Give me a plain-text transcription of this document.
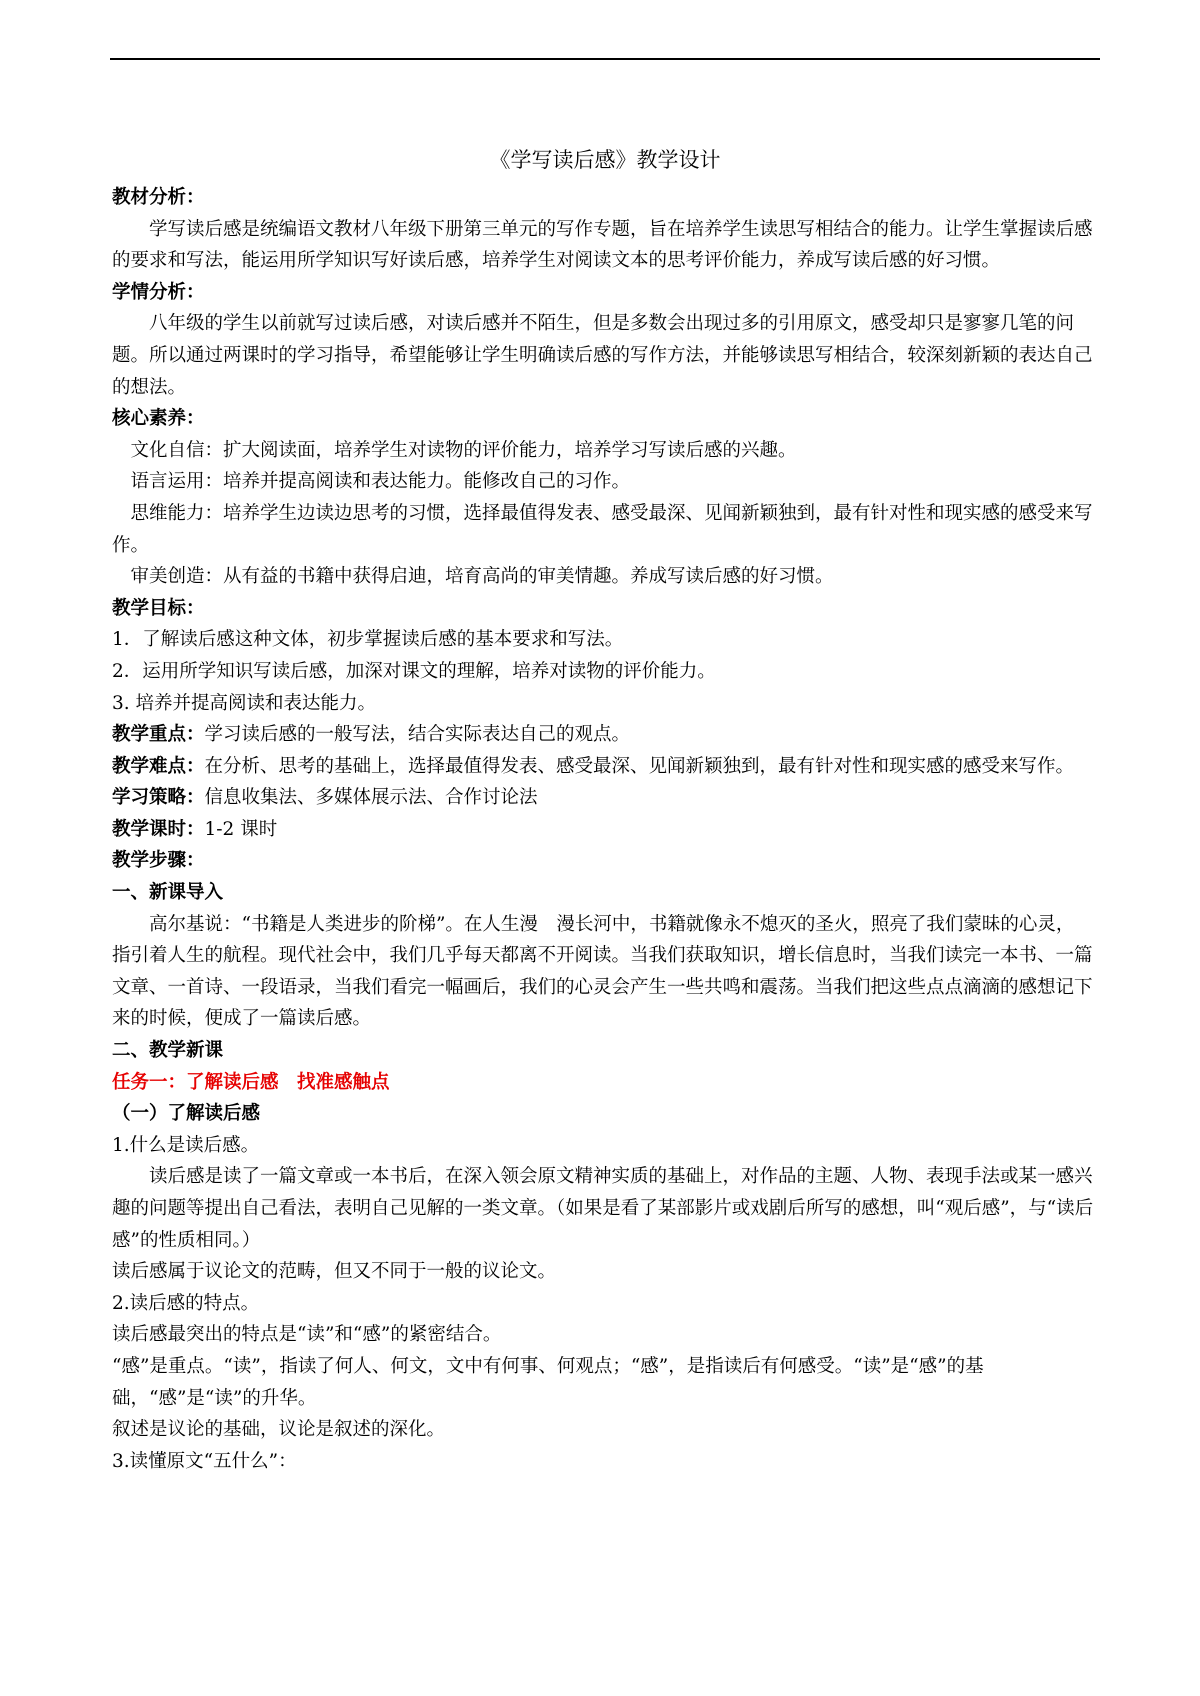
《学写读后感》教学设计

教材分析：

学写读后感是统编语文教材八年级下册第三单元的写作专题，旨在培养学生读思写相结合的能力。让学生掌握读后感的要求和写法，能运用所学知识写好读后感，培养学生对阅读文本的思考评价能力，养成写读后感的好习惯。

学情分析：

八年级的学生以前就写过读后感，对读后感并不陌生，但是多数会出现过多的引用原文，感受却只是寥寥几笔的问题。所以通过两课时的学习指导，希望能够让学生明确读后感的写作方法，并能够读思写相结合，较深刻新颖的表达自己的想法。

核心素养：

文化自信：扩大阅读面，培养学生对读物的评价能力，培养学习写读后感的兴趣。

语言运用：培养并提高阅读和表达能力。能修改自己的习作。

思维能力：培养学生边读边思考的习惯，选择最值得发表、感受最深、见闻新颖独到，最有针对性和现实感的感受来写作。

审美创造：从有益的书籍中获得启迪，培育高尚的审美情趣。养成写读后感的好习惯。

教学目标：

1．了解读后感这种文体，初步掌握读后感的基本要求和写法。

2．运用所学知识写读后感，加深对课文的理解，培养对读物的评价能力。

3. 培养并提高阅读和表达能力。

教学重点：学习读后感的一般写法，结合实际表达自己的观点。

教学难点：在分析、思考的基础上，选择最值得发表、感受最深、见闻新颖独到，最有针对性和现实感的感受来写作。

学习策略：信息收集法、多媒体展示法、合作讨论法

教学课时：1-2 课时

教学步骤：

一、新课导入

高尔基说：“书籍是人类进步的阶梯”。在人生漫　漫长河中，书籍就像永不熄灭的圣火，照亮了我们蒙昧的心灵，　 指引着人生的航程。现代社会中，我们几乎每天都离不开阅读。当我们获取知识，增长信息时，当我们读完一本书、一篇文章、一首诗、一段语录，当我们看完一幅画后，我们的心灵会产生一些共鸣和震荡。当我们把这些点点滴滴的感想记下来的时候，便成了一篇读后感。

二、教学新课

任务一：了解读后感　找准感触点

（一）了解读后感

1.什么是读后感。

读后感是读了一篇文章或一本书后，在深入领会原文精神实质的基础上，对作品的主题、人物、表现手法或某一感兴趣的问题等提出自己看法，表明自己见解的一类文章。（如果是看了某部影片或戏剧后所写的感想，叫“观后感”，与“读后感”的性质相同。）

读后感属于议论文的范畴，但又不同于一般的议论文。

2.读后感的特点。

读后感最突出的特点是“读”和“感”的紧密结合。

“感”是重点。“读”，指读了何人、何文，文中有何事、何观点；“感”，是指读后有何感受。“读”是“感”的基础，“感”是“读”的升华。

叙述是议论的基础，议论是叙述的深化。

3.读懂原文“五什么”：
